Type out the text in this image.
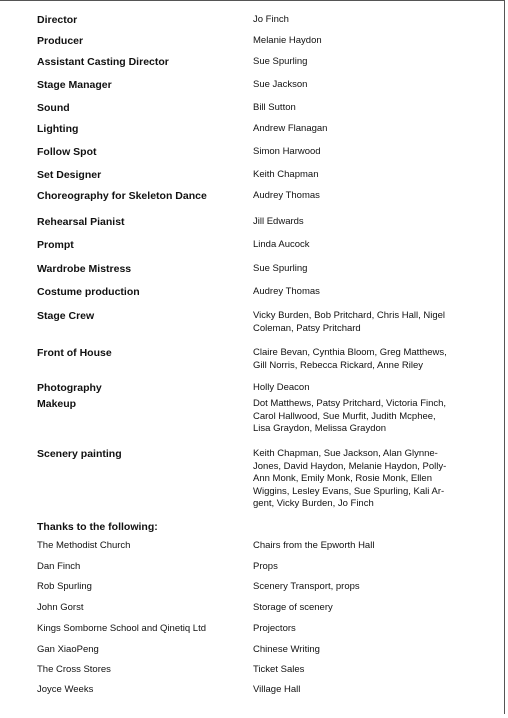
Director	Jo Finch
Producer	Melanie Haydon
Assistant Casting Director	Sue Spurling
Stage Manager	Sue Jackson
Sound	Bill Sutton
Lighting	Andrew Flanagan
Follow Spot	Simon Harwood
Set Designer	Keith Chapman
Choreography for Skeleton Dance	Audrey Thomas
Rehearsal Pianist	Jill Edwards
Prompt	Linda Aucock
Wardrobe Mistress	Sue Spurling
Costume production	Audrey Thomas
Stage Crew	Vicky Burden, Bob Pritchard, Chris Hall, Nigel
Coleman, Patsy Pritchard
Front of House	Claire Bevan, Cynthia Bloom, Greg Matthews,
Gill Norris, Rebecca Rickard, Anne Riley
Photography	Holly Deacon
Makeup	Dot Matthews, Patsy Pritchard, Victoria Finch,
Carol Hallwood, Sue Murfit, Judith Mcphee,
Lisa Graydon, Melissa Graydon
Scenery painting	Keith Chapman, Sue Jackson, Alan Glynne-
Jones, David Haydon, Melanie Haydon, Polly-
Ann Monk, Emily Monk, Rosie Monk, Ellen
Wiggins, Lesley Evans, Sue Spurling, Kali Ar-
gent, Vicky Burden, Jo Finch
Thanks to the following:
The Methodist Church	Chairs from the Epworth Hall
Dan Finch	Props
Rob Spurling	Scenery Transport, props
John Gorst	Storage of scenery
Kings Somborne School and Qinetiq Ltd	Projectors
Gan XiaoPeng	Chinese Writing
The Cross Stores	Ticket Sales
Joyce Weeks	Village Hall
